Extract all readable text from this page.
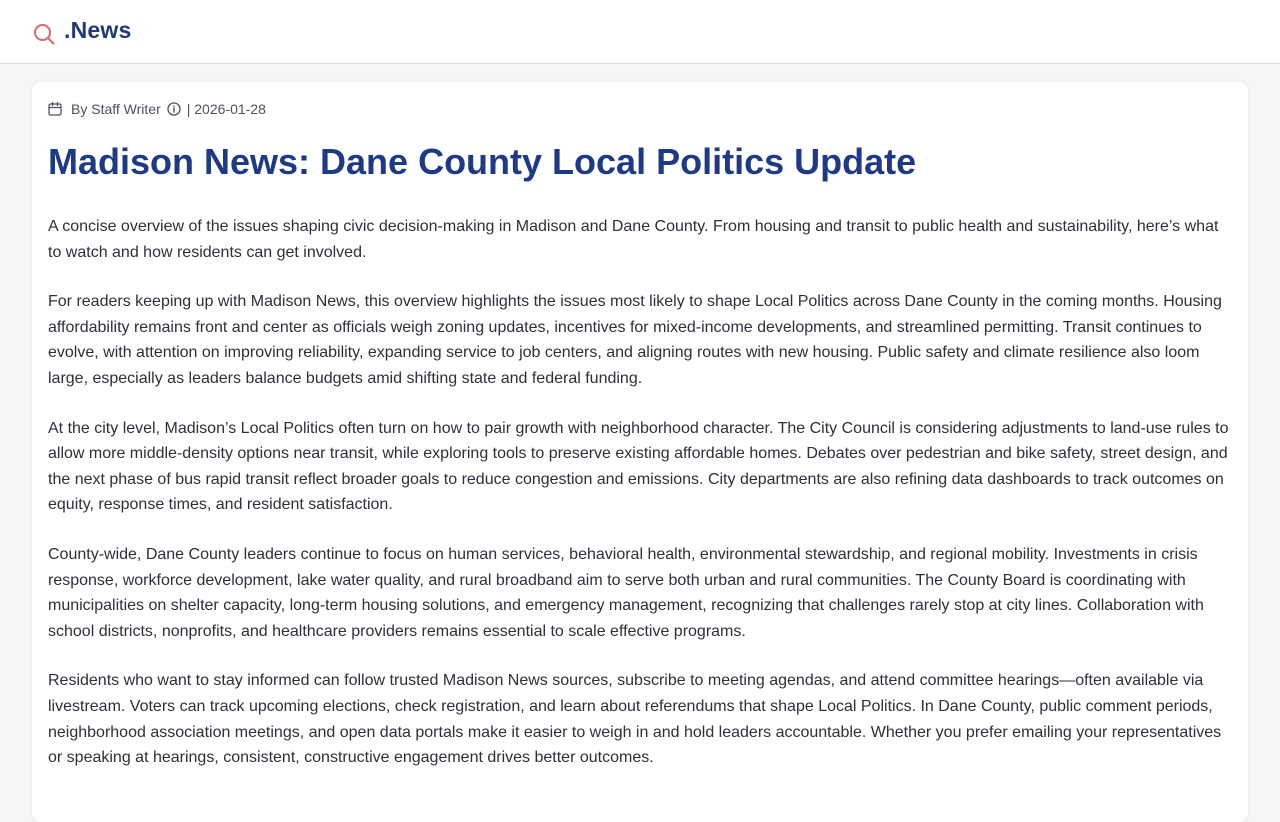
.News
By Staff Writer | 2026-01-28
Madison News: Dane County Local Politics Update

A concise overview of the issues shaping civic decision-making in Madison and Dane County. From housing and transit to public health and sustainability, here’s what to watch and how residents can get involved.

For readers keeping up with Madison News, this overview highlights the issues most likely to shape Local Politics across Dane County in the coming months. Housing affordability remains front and center as officials weigh zoning updates, incentives for mixed-income developments, and streamlined permitting. Transit continues to evolve, with attention on improving reliability, expanding service to job centers, and aligning routes with new housing. Public safety and climate resilience also loom large, especially as leaders balance budgets amid shifting state and federal funding.

At the city level, Madison’s Local Politics often turn on how to pair growth with neighborhood character. The City Council is considering adjustments to land-use rules to allow more middle-density options near transit, while exploring tools to preserve existing affordable homes. Debates over pedestrian and bike safety, street design, and the next phase of bus rapid transit reflect broader goals to reduce congestion and emissions. City departments are also refining data dashboards to track outcomes on equity, response times, and resident satisfaction.

County-wide, Dane County leaders continue to focus on human services, behavioral health, environmental stewardship, and regional mobility. Investments in crisis response, workforce development, lake water quality, and rural broadband aim to serve both urban and rural communities. The County Board is coordinating with municipalities on shelter capacity, long-term housing solutions, and emergency management, recognizing that challenges rarely stop at city lines. Collaboration with school districts, nonprofits, and healthcare providers remains essential to scale effective programs.

Residents who want to stay informed can follow trusted Madison News sources, subscribe to meeting agendas, and attend committee hearings—often available via livestream. Voters can track upcoming elections, check registration, and learn about referendums that shape Local Politics. In Dane County, public comment periods, neighborhood association meetings, and open data portals make it easier to weigh in and hold leaders accountable. Whether you prefer emailing your representatives or speaking at hearings, consistent, constructive engagement drives better outcomes.
